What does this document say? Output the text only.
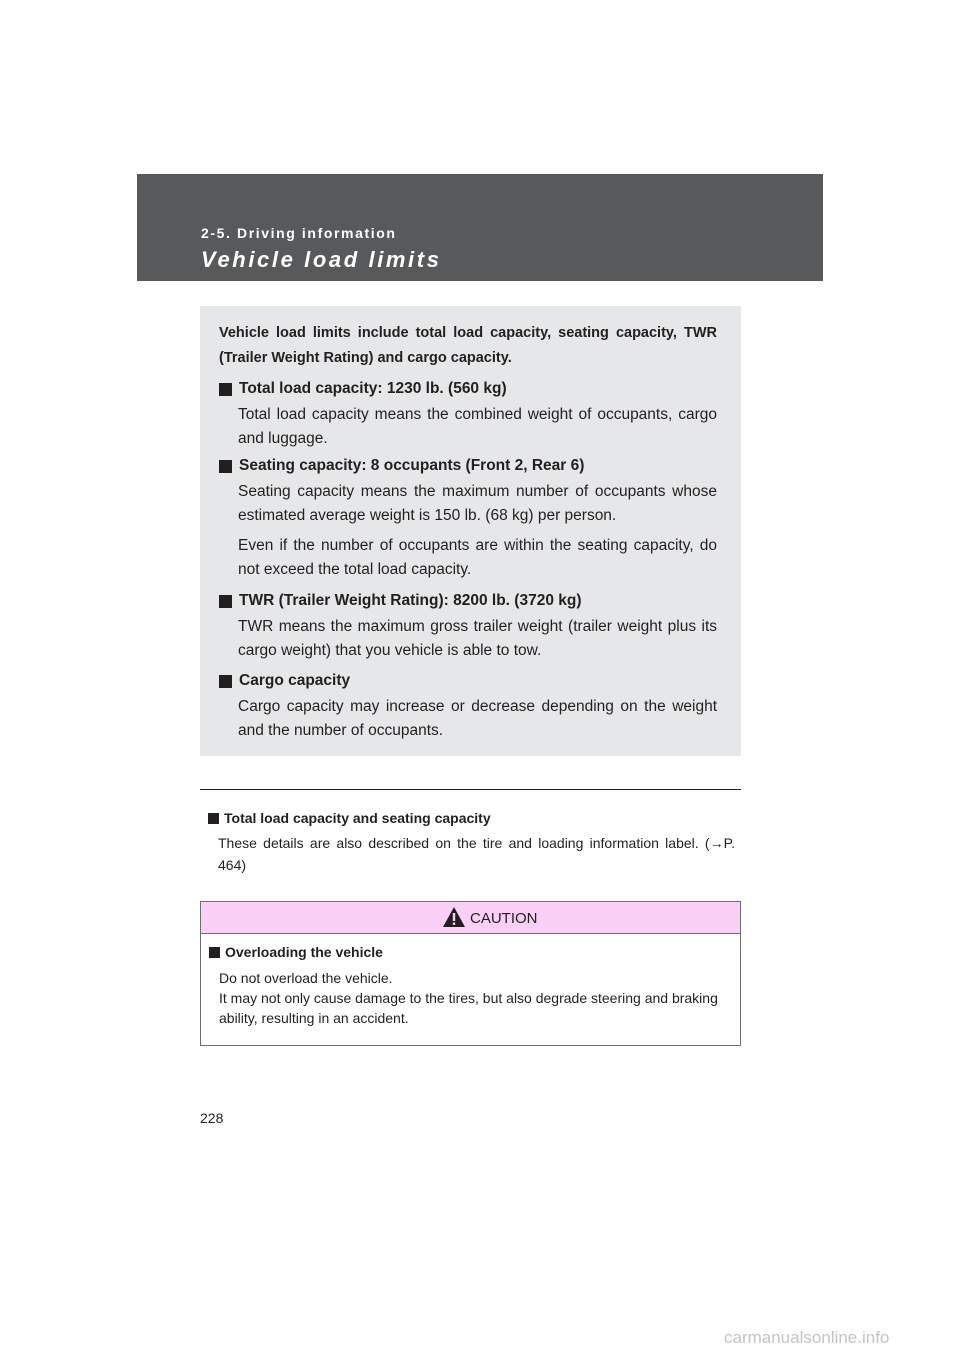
2-5. Driving information
Vehicle load limits
Vehicle load limits include total load capacity, seating capacity, TWR (Trailer Weight Rating) and cargo capacity.
Total load capacity: 1230 lb. (560 kg)
Total load capacity means the combined weight of occupants, cargo and luggage.
Seating capacity: 8 occupants (Front 2, Rear 6)
Seating capacity means the maximum number of occupants whose estimated average weight is 150 lb. (68 kg) per person.
Even if the number of occupants are within the seating capacity, do not exceed the total load capacity.
TWR (Trailer Weight Rating): 8200 lb. (3720 kg)
TWR means the maximum gross trailer weight (trailer weight plus its cargo weight) that you vehicle is able to tow.
Cargo capacity
Cargo capacity may increase or decrease depending on the weight and the number of occupants.
Total load capacity and seating capacity
These details are also described on the tire and loading information label. (→P. 464)
CAUTION
Overloading the vehicle
Do not overload the vehicle.
It may not only cause damage to the tires, but also degrade steering and braking ability, resulting in an accident.
228
carmanualsonline.info
